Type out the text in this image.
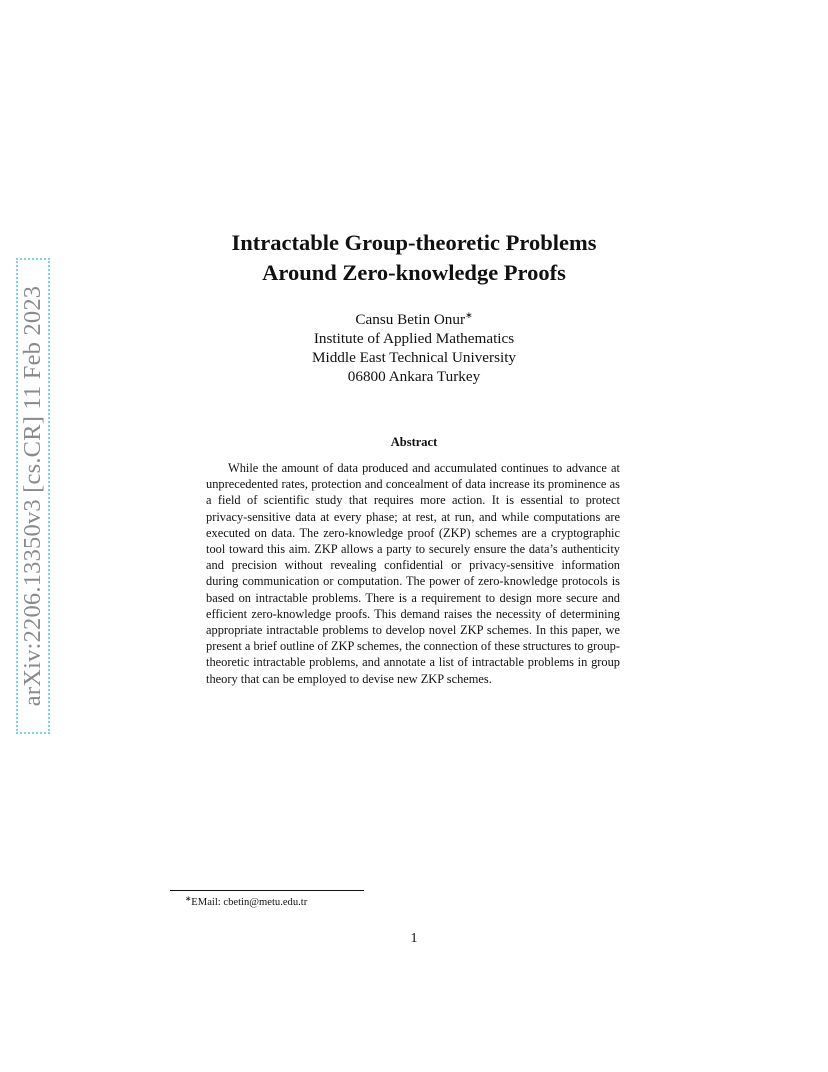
arXiv:2206.13350v3 [cs.CR] 11 Feb 2023
Intractable Group-theoretic Problems
Around Zero-knowledge Proofs
Cansu Betin Onur∗
Institute of Applied Mathematics
Middle East Technical University
06800 Ankara Turkey
Abstract
While the amount of data produced and accumulated continues to advance at unprecedented rates, protection and concealment of data increase its prominence as a field of scientific study that requires more action. It is essential to protect privacy-sensitive data at every phase; at rest, at run, and while computations are executed on data. The zero-knowledge proof (ZKP) schemes are a cryptographic tool toward this aim. ZKP allows a party to securely ensure the data’s authenticity and precision without revealing confidential or privacy-sensitive information during communication or computation. The power of zero-knowledge protocols is based on intractable problems. There is a requirement to design more secure and efficient zero-knowledge proofs. This demand raises the necessity of determining appropriate intractable problems to develop novel ZKP schemes. In this paper, we present a brief outline of ZKP schemes, the connection of these structures to group-theoretic intractable problems, and annotate a list of intractable problems in group theory that can be employed to devise new ZKP schemes.
∗EMail: cbetin@metu.edu.tr
1
